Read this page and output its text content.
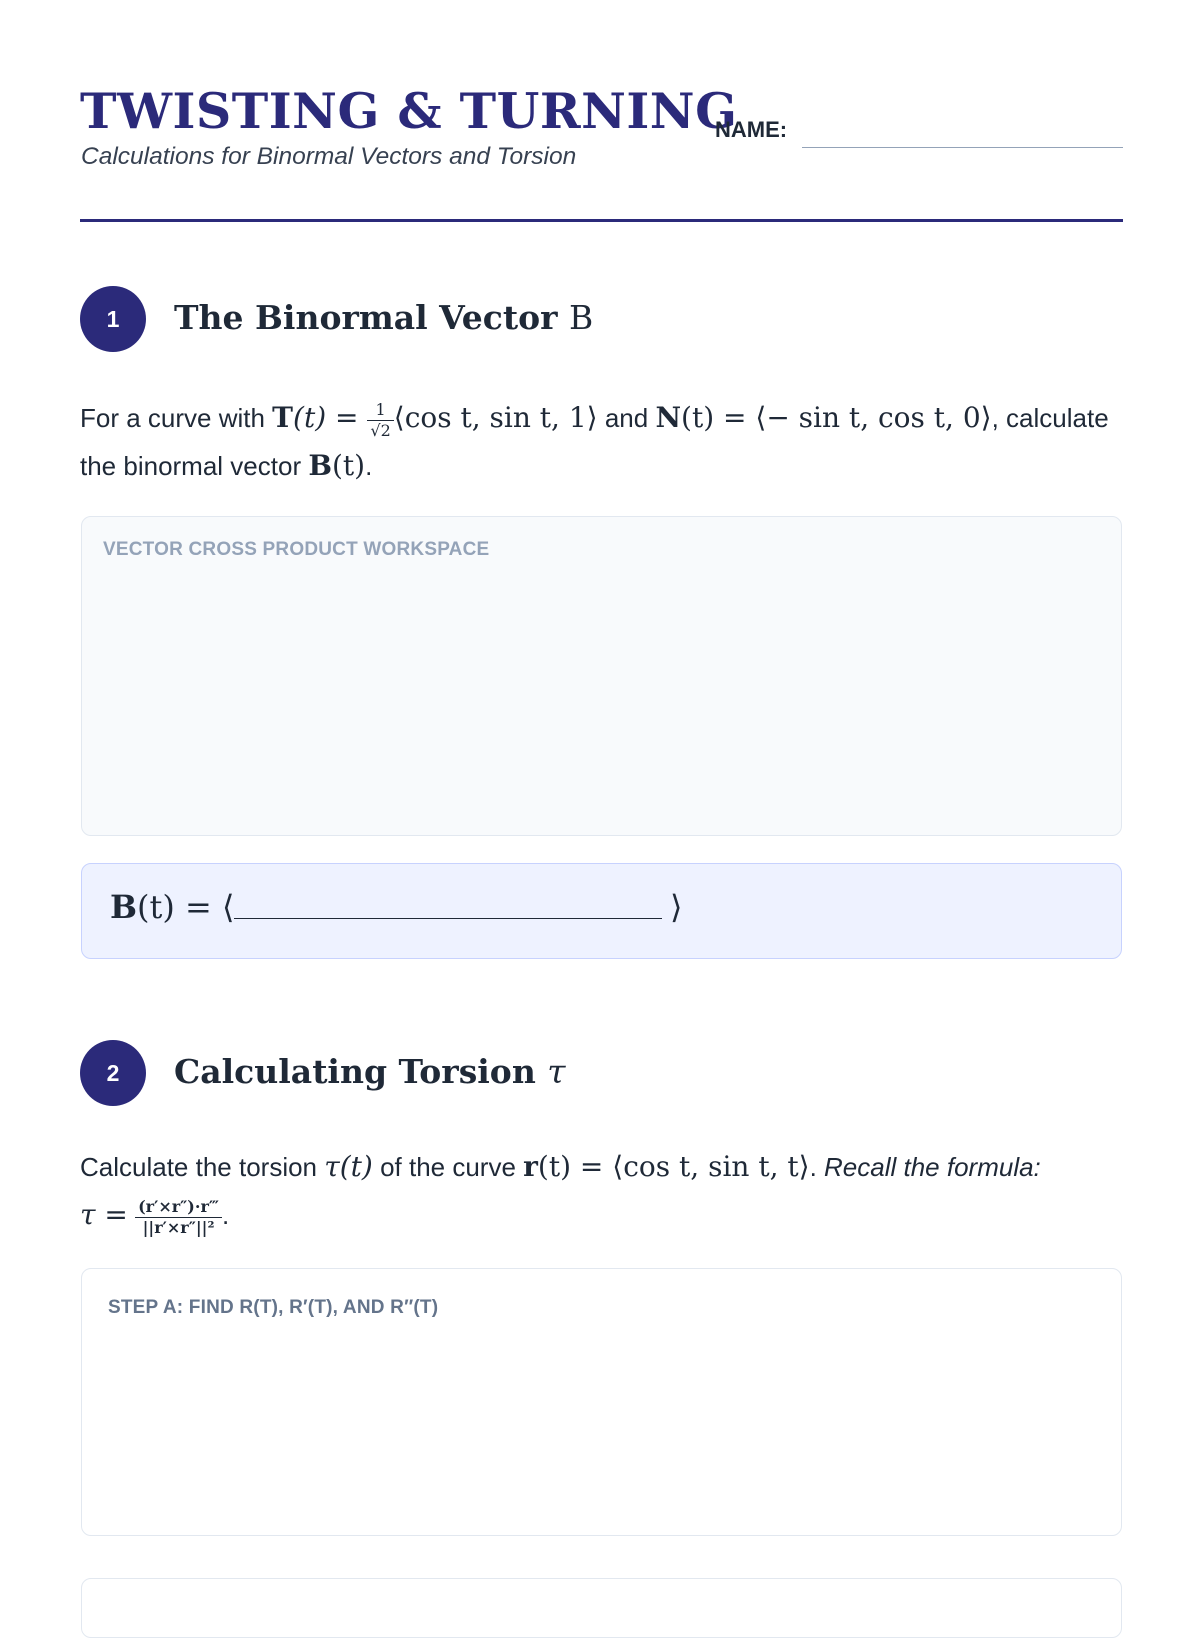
TWISTING & TURNING
Calculations for Binormal Vectors and Torsion
NAME:
1	The Binormal Vector B
For a curve with $T(t) = \frac{1}{√2}$ ⟨cos t, sin t, 1⟩ and N(t) = ⟨− sin t, cos t, 0⟩, calculate the binormal vector B(t).
VECTOR CROSS PRODUCT WORKSPACE
B(t) = ⟨	⟩
2	Calculating Torsion τ
Calculate the torsion τ(t) of the curve r(t) = ⟨cos t, sin t, t⟩. Recall the formula:
$\tau = \frac{(r'\times r'')\cdot r‴}{\text{||r′×r″||²}}$ .
STEP A: FIND R(T), R′(T), AND R″(T)
